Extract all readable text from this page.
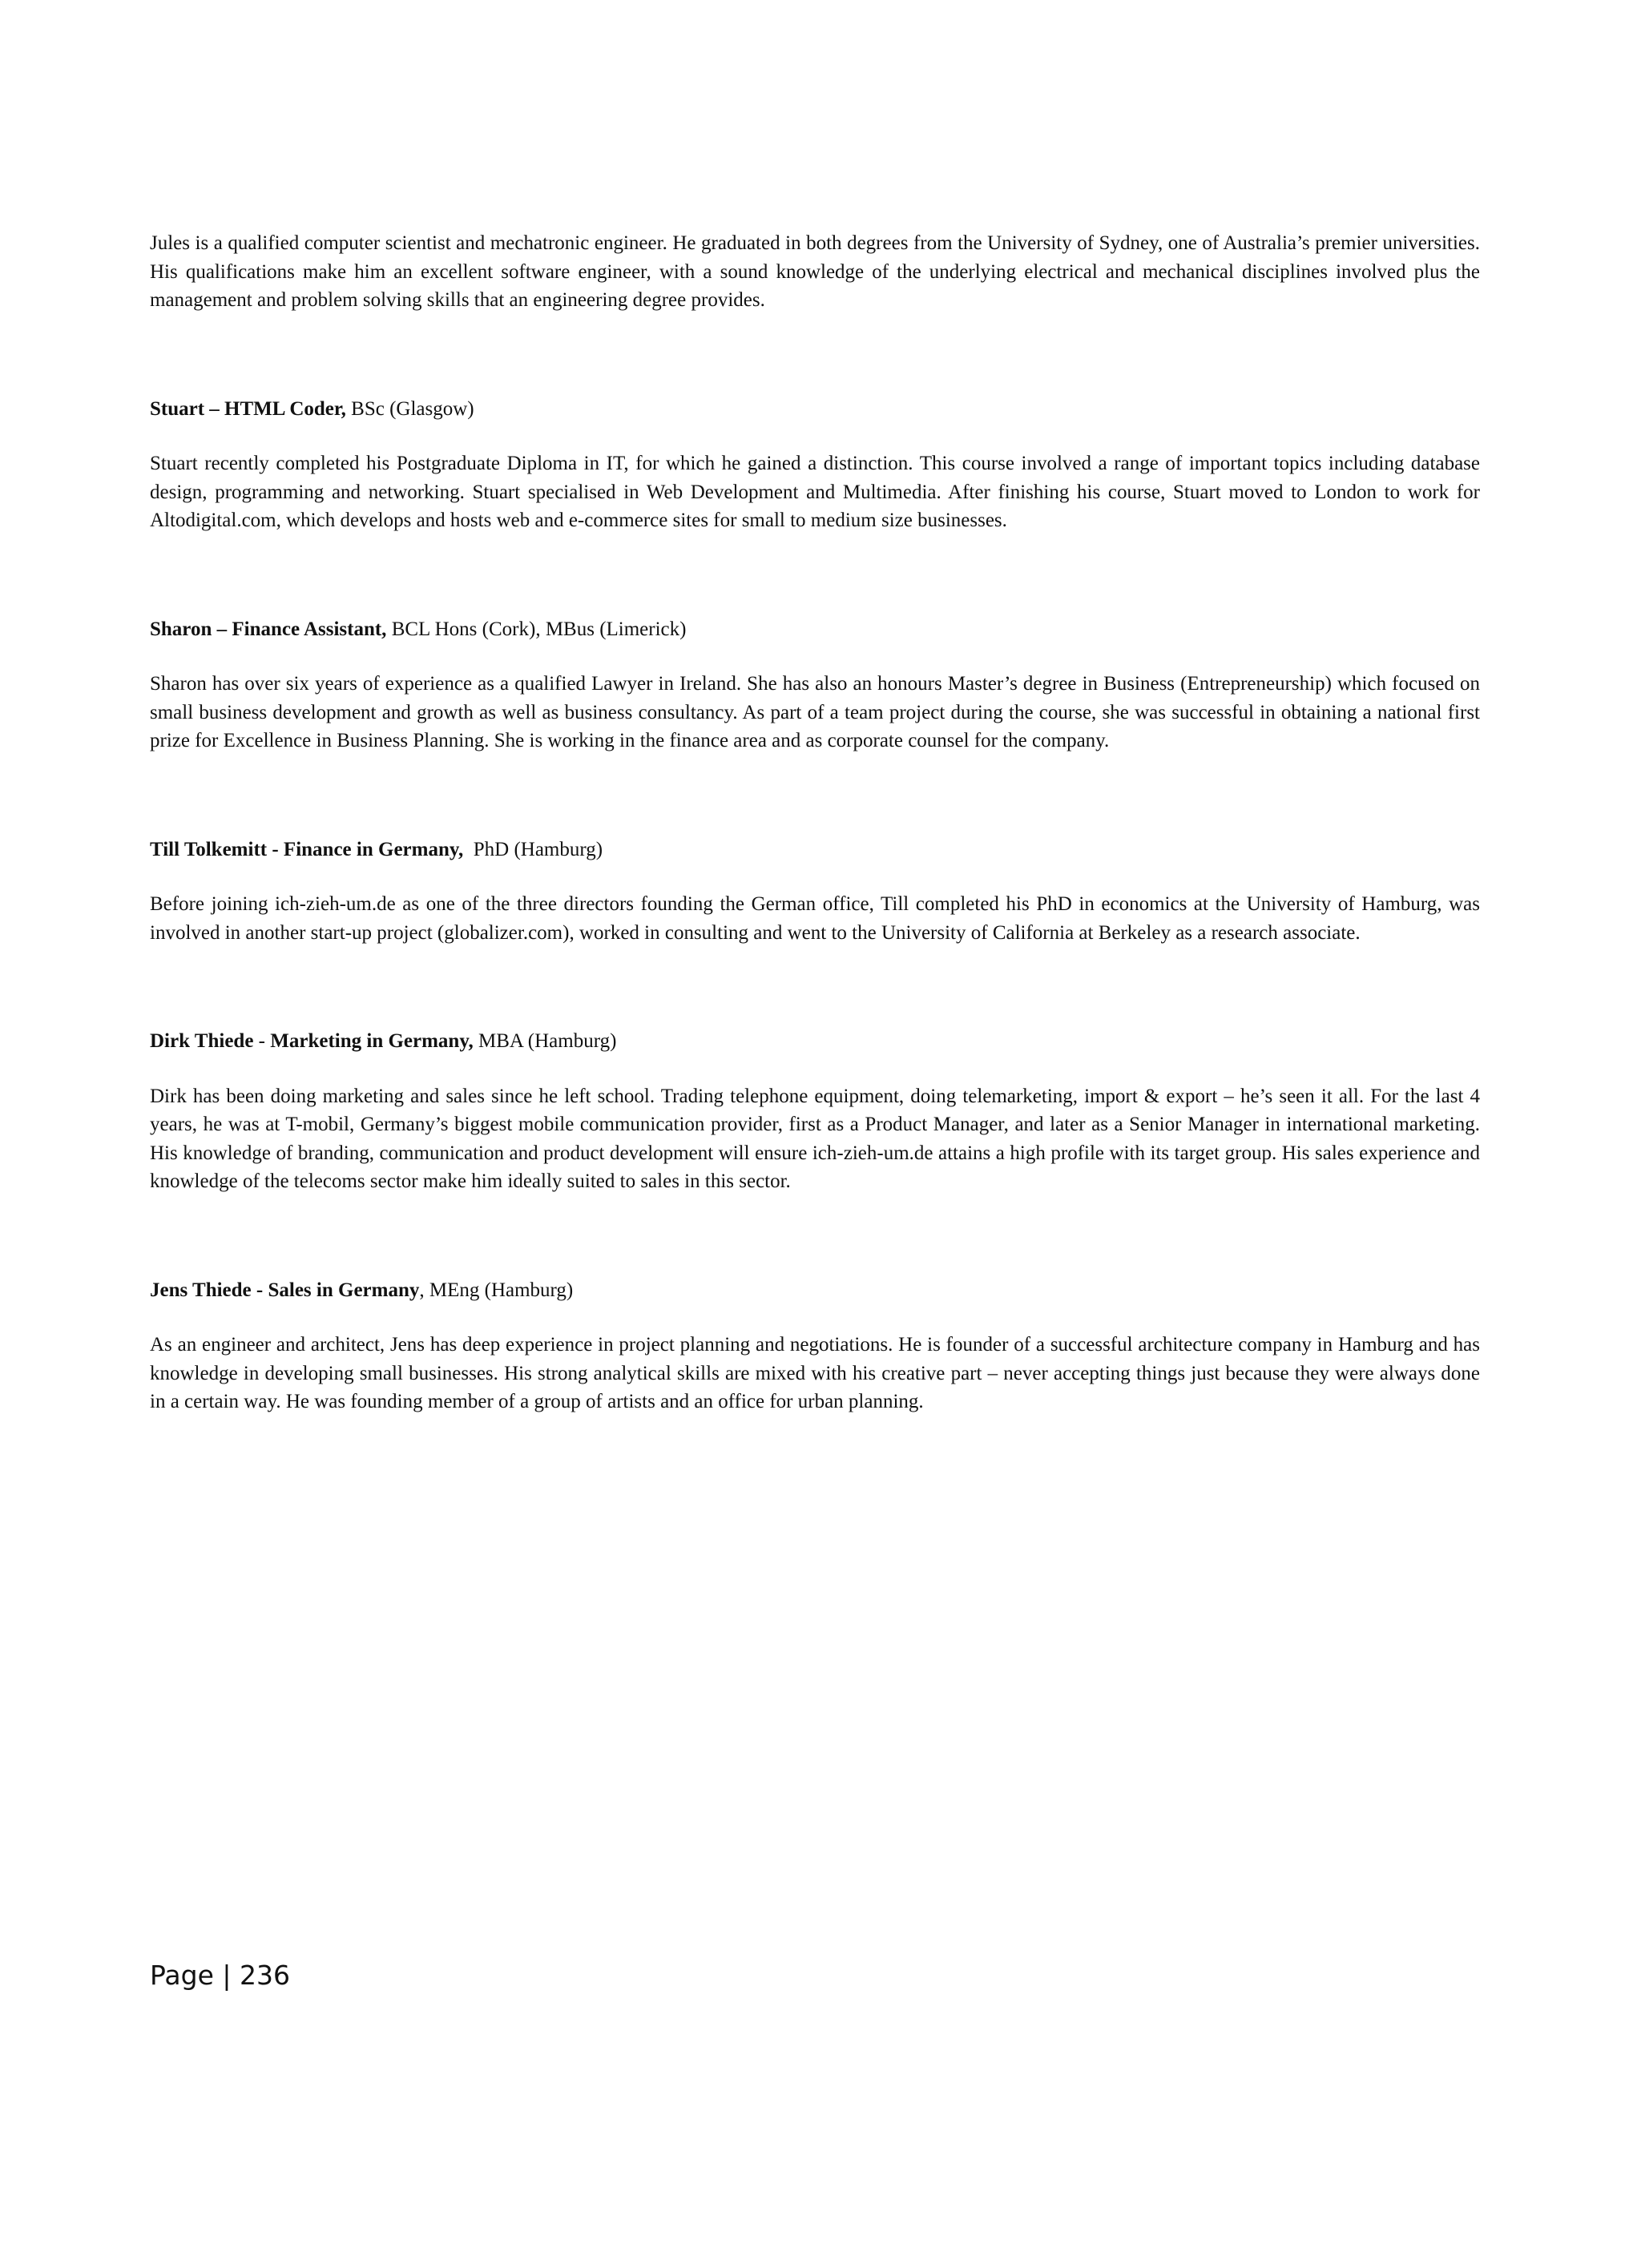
Jules is a qualified computer scientist and mechatronic engineer. He graduated in both degrees from the University of Sydney, one of Australia’s premier universities. His qualifications make him an excellent software engineer, with a sound knowledge of the underlying electrical and mechanical disciplines involved plus the management and problem solving skills that an engineering degree provides.

Stuart – HTML Coder, BSc (Glasgow)

Stuart recently completed his Postgraduate Diploma in IT, for which he gained a distinction. This course involved a range of important topics including database design, programming and networking. Stuart specialised in Web Development and Multimedia. After finishing his course, Stuart moved to London to work for Altodigital.com, which develops and hosts web and e-commerce sites for small to medium size businesses.

Sharon – Finance Assistant, BCL Hons (Cork), MBus (Limerick)

Sharon has over six years of experience as a qualified Lawyer in Ireland. She has also an honours Master’s degree in Business (Entrepreneurship) which focused on small business development and growth as well as business consultancy. As part of a team project during the course, she was successful in obtaining a national first prize for Excellence in Business Planning. She is working in the finance area and as corporate counsel for the company.

Till Tolkemitt - Finance in Germany,  PhD (Hamburg)

Before joining ich-zieh-um.de as one of the three directors founding the German office, Till completed his PhD in economics at the University of Hamburg, was involved in another start-up project (globalizer.com), worked in consulting and went to the University of California at Berkeley as a research associate.

Dirk Thiede - Marketing in Germany, MBA (Hamburg)

Dirk has been doing marketing and sales since he left school. Trading telephone equipment, doing telemarketing, import & export – he’s seen it all. For the last 4 years, he was at T-mobil, Germany’s biggest mobile communication provider, first as a Product Manager, and later as a Senior Manager in international marketing. His knowledge of branding, communication and product development will ensure ich-zieh-um.de attains a high profile with its target group. His sales experience and knowledge of the telecoms sector make him ideally suited to sales in this sector.

Jens Thiede - Sales in Germany, MEng (Hamburg)

As an engineer and architect, Jens has deep experience in project planning and negotiations. He is founder of a successful architecture company in Hamburg and has knowledge in developing small businesses. His strong analytical skills are mixed with his creative part – never accepting things just because they were always done in a certain way. He was founding member of a group of artists and an office for urban planning.

Page | 236
